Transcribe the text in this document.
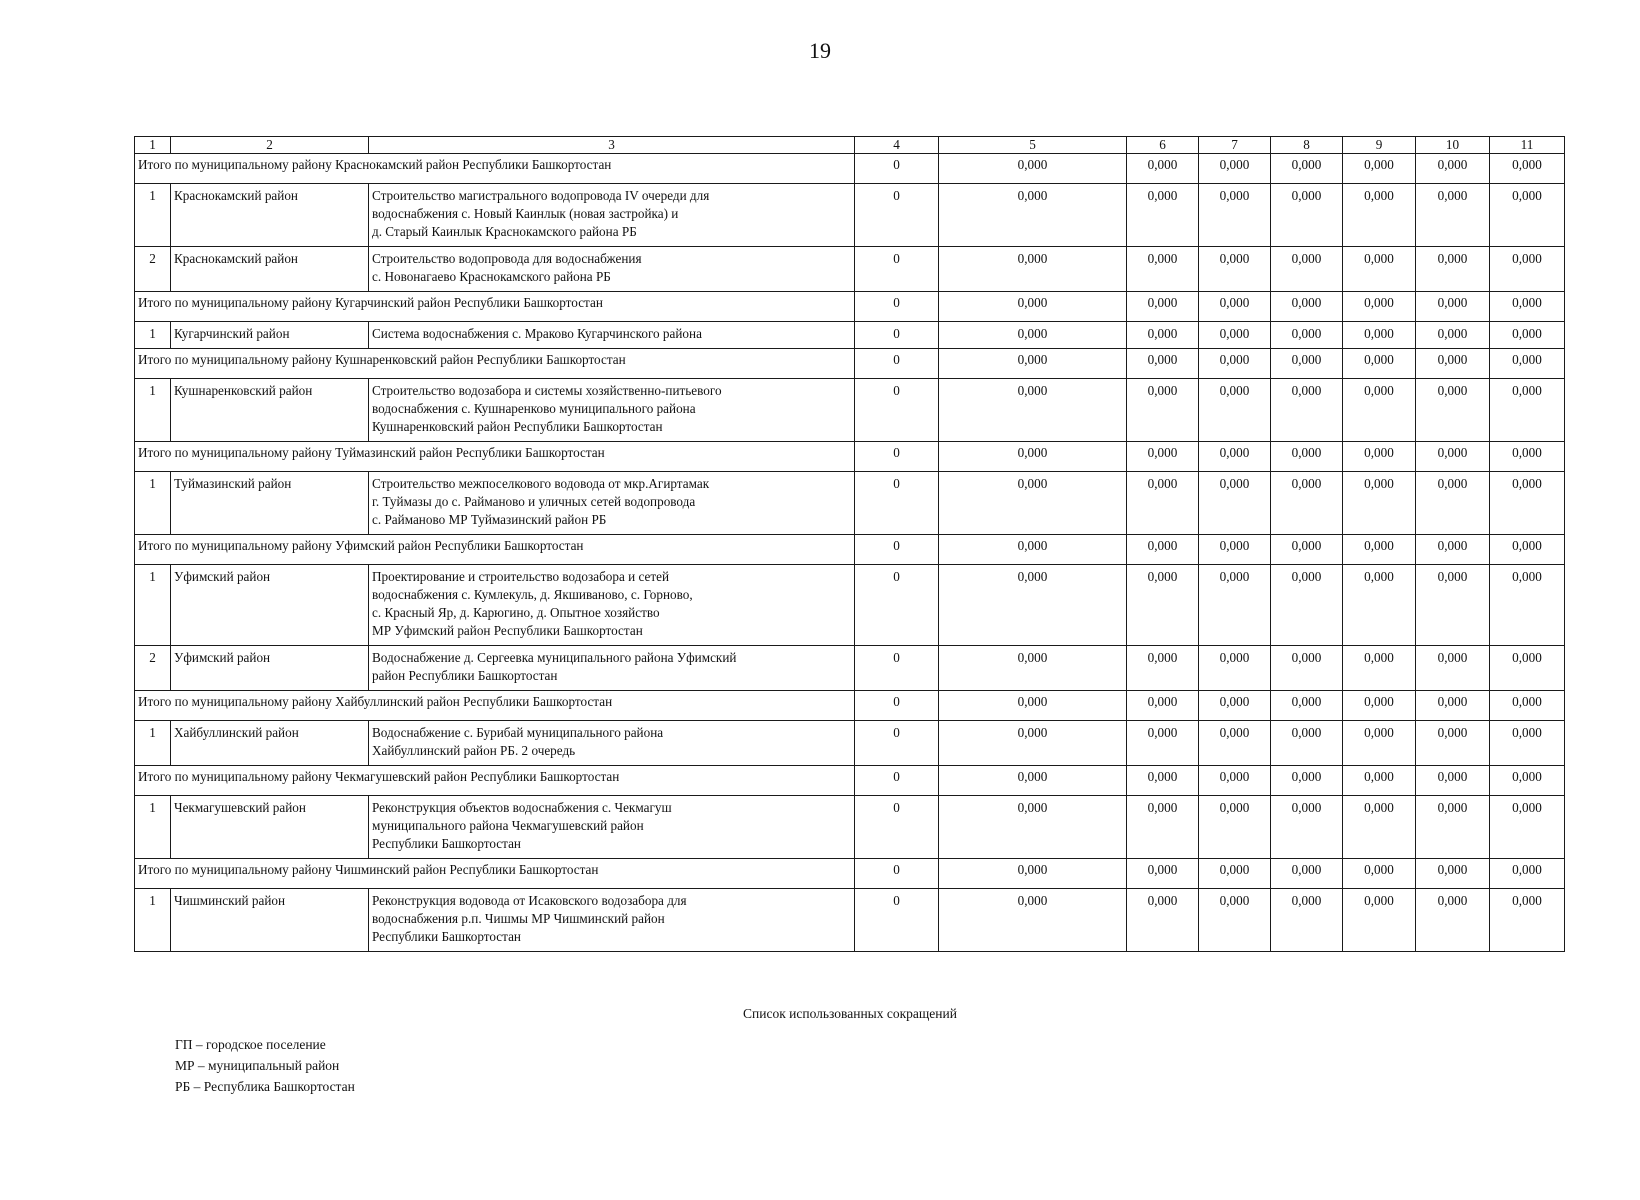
19
1	2	3	4	5	6	7	8	9	10	11
Итого по муниципальному району Краснокамский район Республики Башкортостан			0	0,000	0,000	0,000	0,000	0,000	0,000	0,000
1	Краснокамский район	Строительство магистрального водопровода IV очереди для
водоснабжения с. Новый Каинлык (новая застройка) и
д. Старый Каинлык Краснокамского района РБ	0	0,000	0,000	0,000	0,000	0,000	0,000	0,000
2	Краснокамский район	Строительство водопровода для водоснабжения
с. Новонагаево Краснокамского района РБ	0	0,000	0,000	0,000	0,000	0,000	0,000	0,000
Итого по муниципальному району Кугарчинский район Республики Башкортостан			0	0,000	0,000	0,000	0,000	0,000	0,000	0,000
1	Кугарчинский район	Система водоснабжения с. Мраково Кугарчинского района	0	0,000	0,000	0,000	0,000	0,000	0,000	0,000
Итого по муниципальному району Кушнаренковский район Республики Башкортостан			0	0,000	0,000	0,000	0,000	0,000	0,000	0,000
1	Кушнаренковский район	Строительство водозабора и системы хозяйственно-питьевого
водоснабжения с. Кушнаренково муниципального района
Кушнаренковский район Республики Башкортостан	0	0,000	0,000	0,000	0,000	0,000	0,000	0,000
Итого по муниципальному району Туймазинский район Республики Башкортостан			0	0,000	0,000	0,000	0,000	0,000	0,000	0,000
1	Туймазинский район	Строительство межпоселкового водовода от мкр.Агиртамак
г. Туймазы до с. Райманово и уличных сетей водопровода
с. Райманово МР Туймазинский район РБ	0	0,000	0,000	0,000	0,000	0,000	0,000	0,000
Итого по муниципальному району Уфимский район Республики Башкортостан			0	0,000	0,000	0,000	0,000	0,000	0,000	0,000
1	Уфимский район	Проектирование и строительство водозабора и сетей
водоснабжения с. Кумлекуль, д. Якшиваново, с. Горново,
с. Красный Яр, д. Карюгино, д. Опытное хозяйство
МР Уфимский район Республики Башкортостан	0	0,000	0,000	0,000	0,000	0,000	0,000	0,000
2	Уфимский район	Водоснабжение д. Сергеевка муниципального района Уфимский
район Республики Башкортостан	0	0,000	0,000	0,000	0,000	0,000	0,000	0,000
Итого по муниципальному району Хайбуллинский район Республики Башкортостан			0	0,000	0,000	0,000	0,000	0,000	0,000	0,000
1	Хайбуллинский район	Водоснабжение с. Бурибай муниципального района
Хайбуллинский район РБ. 2 очередь	0	0,000	0,000	0,000	0,000	0,000	0,000	0,000
Итого по муниципальному району Чекмагушевский район Республики Башкортостан			0	0,000	0,000	0,000	0,000	0,000	0,000	0,000
1	Чекмагушевский район	Реконструкция объектов водоснабжения с. Чекмагуш
муниципального района Чекмагушевский район
Республики Башкортостан	0	0,000	0,000	0,000	0,000	0,000	0,000	0,000
Итого по муниципальному району Чишминский район Республики Башкортостан			0	0,000	0,000	0,000	0,000	0,000	0,000	0,000
1	Чишминский район	Реконструкция водовода от Исаковского водозабора для
водоснабжения р.п. Чишмы МР Чишминский район
Республики Башкортостан	0	0,000	0,000	0,000	0,000	0,000	0,000	0,000
Список использованных сокращений
ГП – городское поселение
МР – муниципальный район
РБ – Республика Башкортостан
